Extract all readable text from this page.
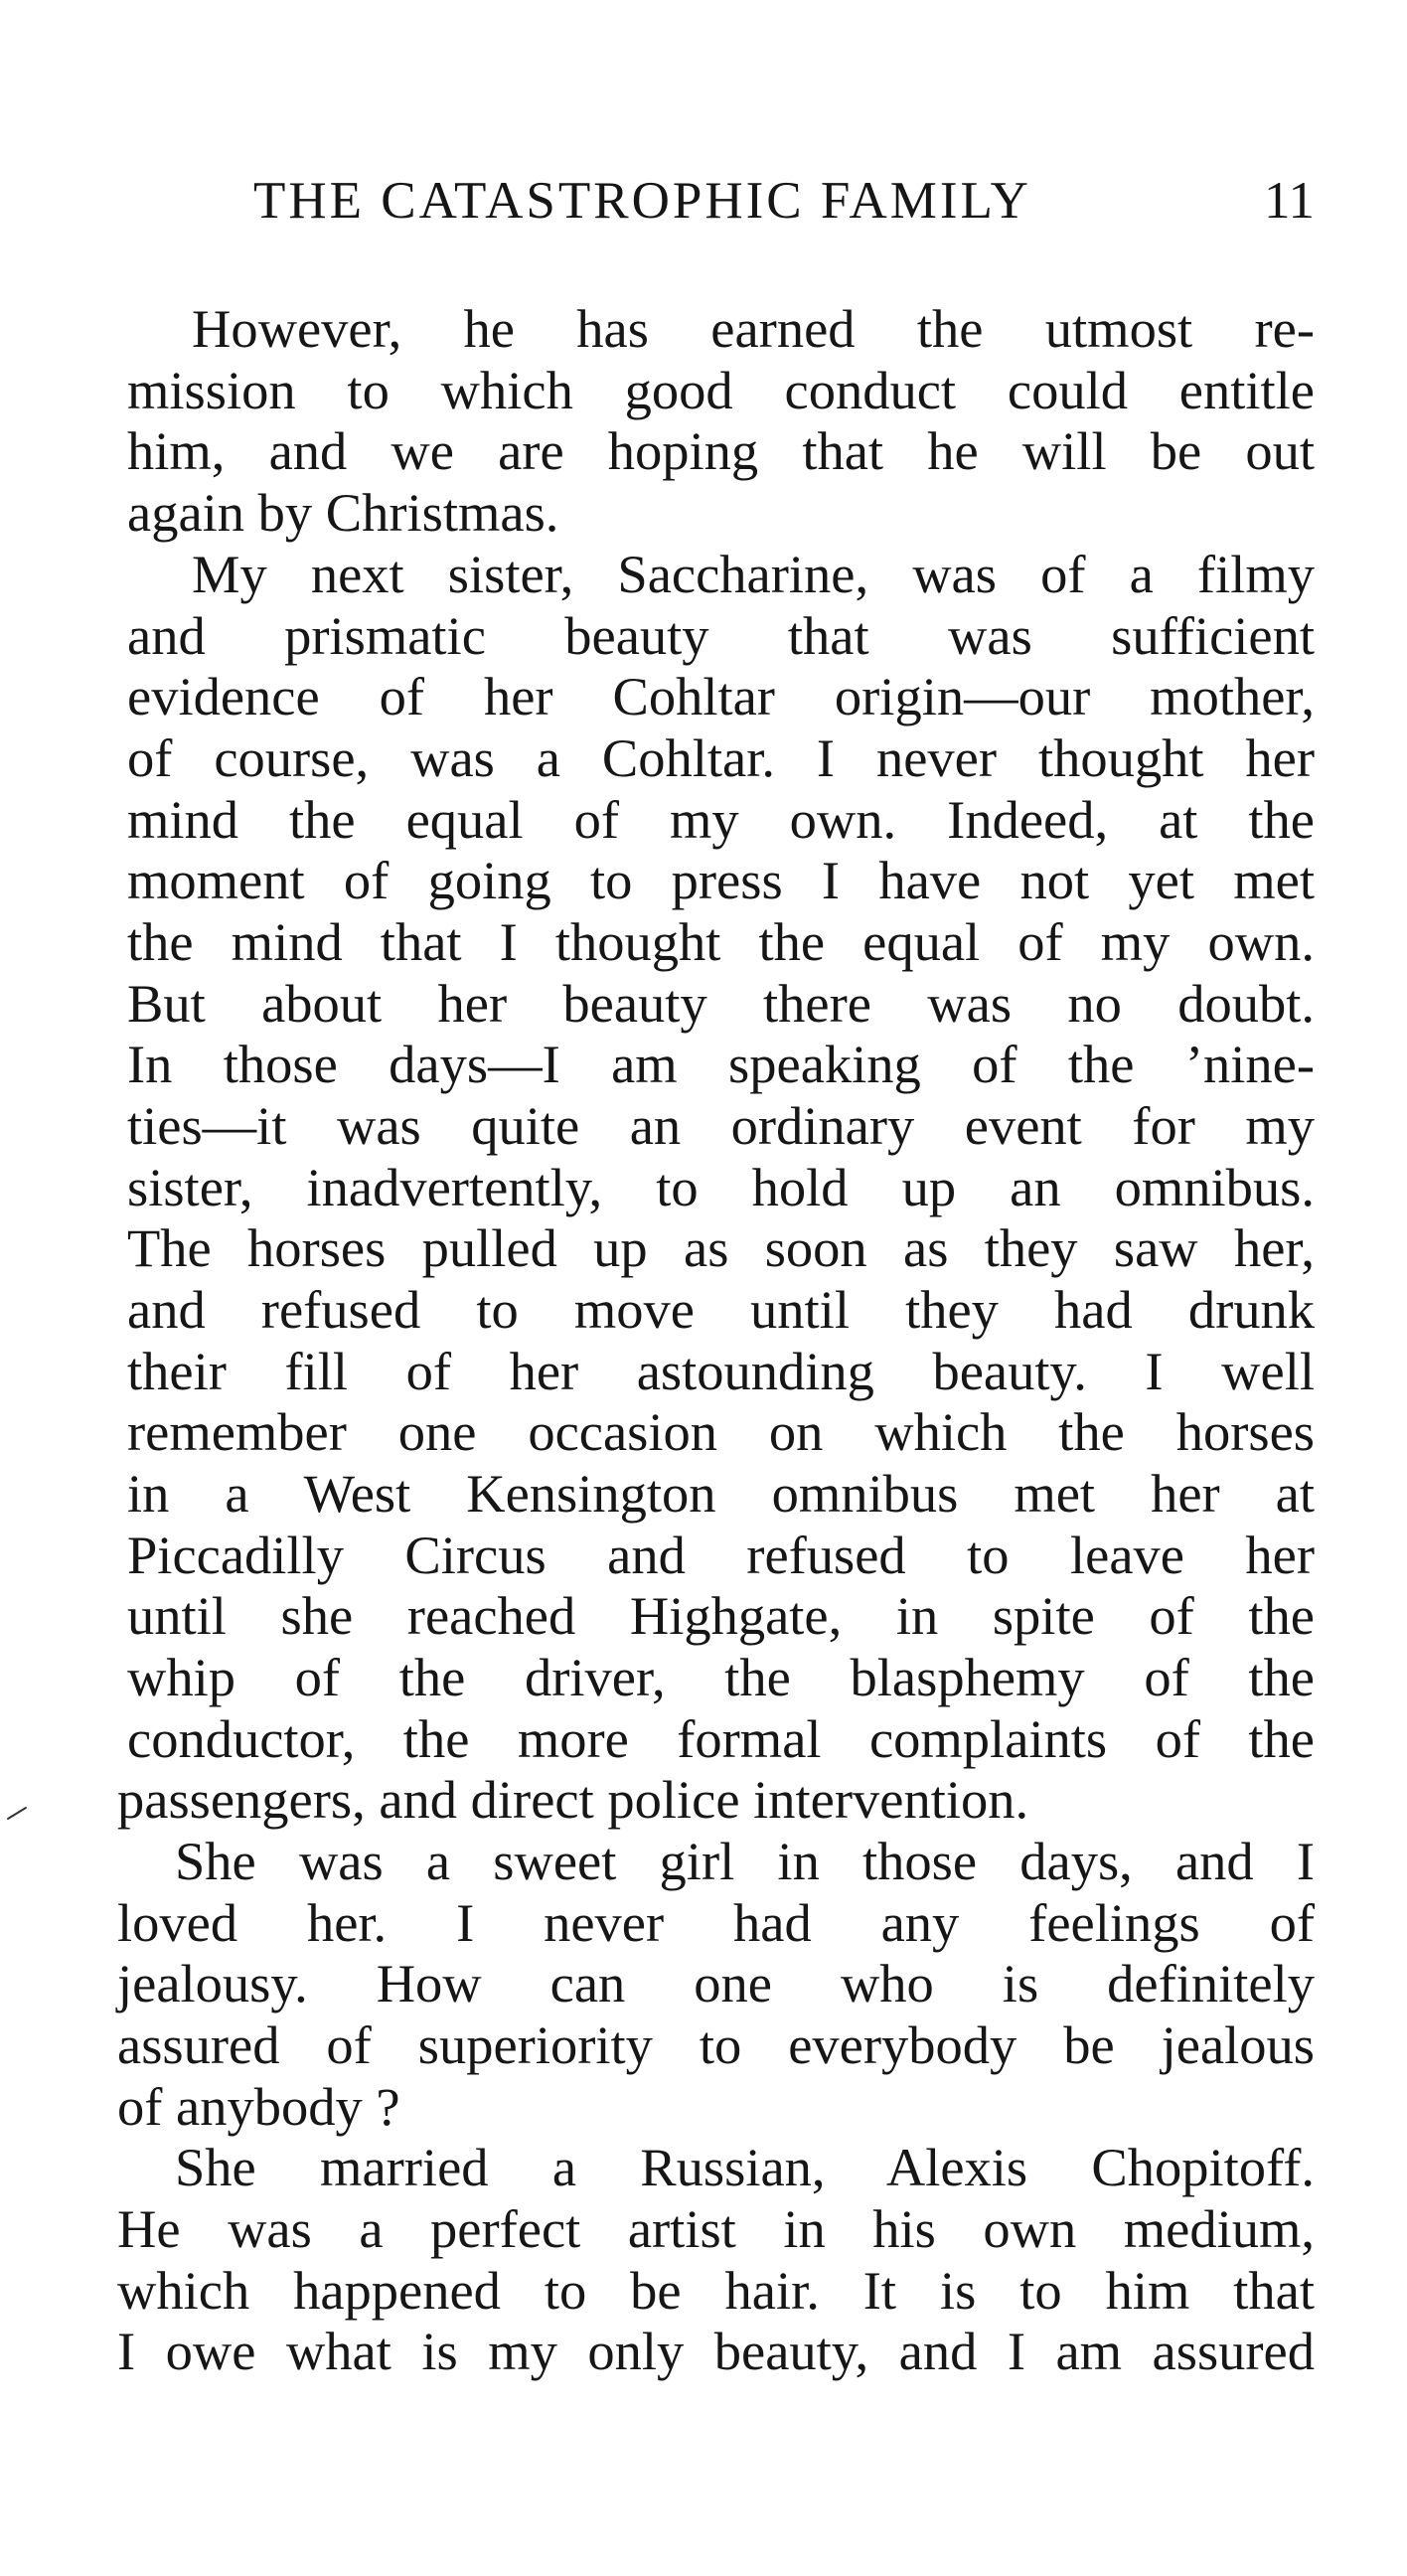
THE CATASTROPHIC FAMILY	11
However, he has earned the utmost re-
mission to which good conduct could entitle
him, and we are hoping that he will be out
again by Christmas.
My next sister, Saccharine, was of a filmy
and prismatic beauty that was sufficient
evidence of her Cohltar origin—our mother,
of course, was a Cohltar. I never thought her
mind the equal of my own. Indeed, at the
moment of going to press I have not yet met
the mind that I thought the equal of my own.
But about her beauty there was no doubt.
In those days—I am speaking of the ’nine-
ties—it was quite an ordinary event for my
sister, inadvertently, to hold up an omnibus.
The horses pulled up as soon as they saw her,
and refused to move until they had drunk
their fill of her astounding beauty. I well
remember one occasion on which the horses
in a West Kensington omnibus met her at
Piccadilly Circus and refused to leave her
until she reached Highgate, in spite of the
whip of the driver, the blasphemy of the
conductor, the more formal complaints of the
passengers, and direct police intervention.
She was a sweet girl in those days, and I
loved her. I never had any feelings of
jealousy. How can one who is definitely
assured of superiority to everybody be jealous
of anybody ?
She married a Russian, Alexis Chopitoff.
He was a perfect artist in his own medium,
which happened to be hair. It is to him that
I owe what is my only beauty, and I am assured
